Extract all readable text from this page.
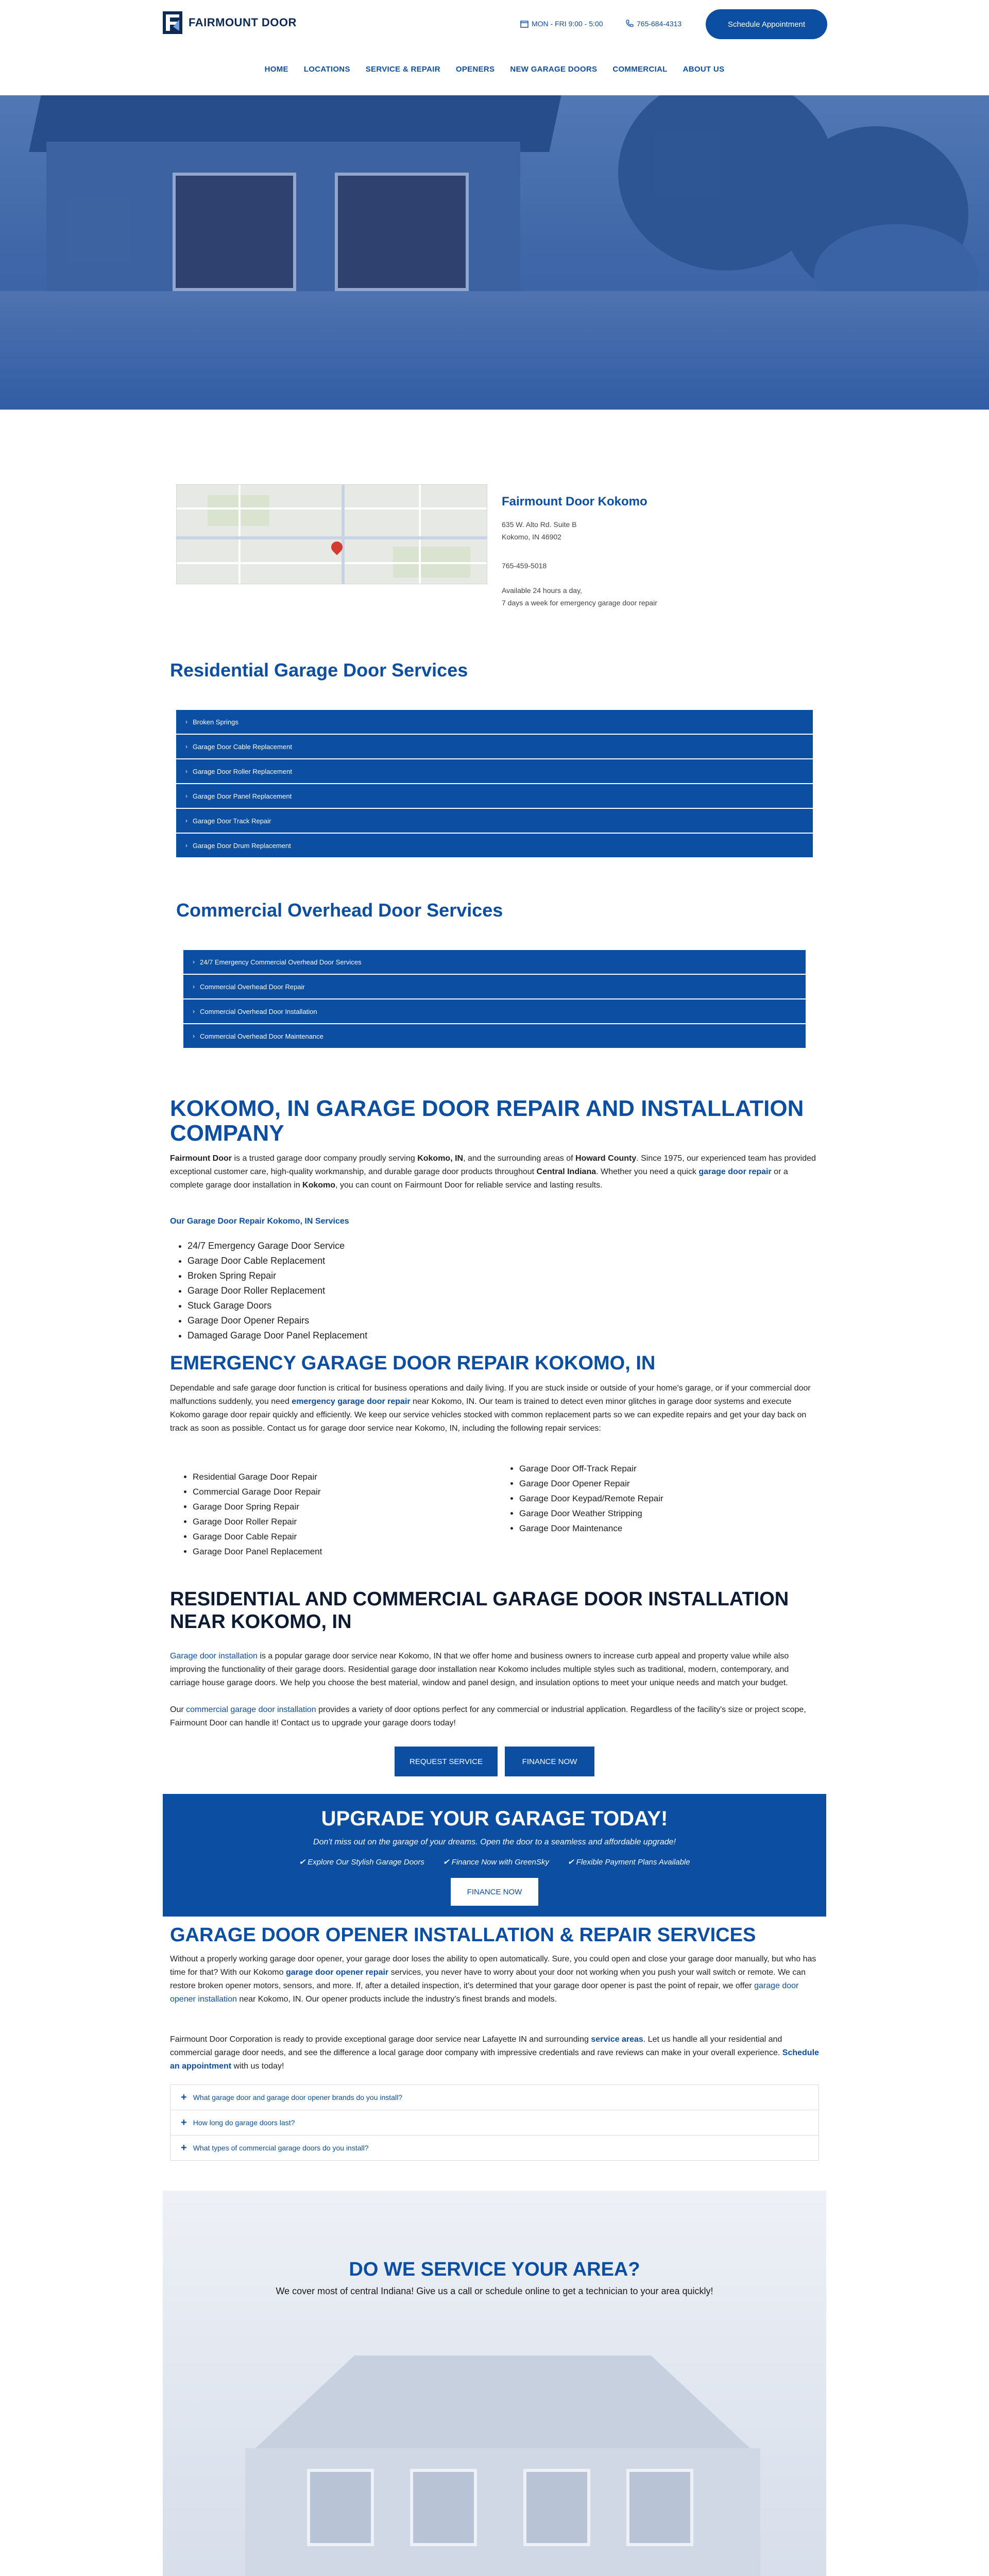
FAIRMOUNT DOOR	MON - FRI 9:00 - 5:00	765-684-4313	Schedule Appointment
HOME LOCATIONS SERVICE & REPAIR OPENERS NEW GARAGE DOORS COMMERCIAL ABOUT US
Fairmount Door Kokomo
635 W. Alto Rd. Suite B
Kokomo, IN 46902
765-459-5018
Available 24 hours a day,
7 days a week for emergency garage door repair
Residential Garage Door Services
› Broken Springs
› Garage Door Cable Replacement
› Garage Door Roller Replacement
› Garage Door Panel Replacement
› Garage Door Track Repair
› Garage Door Drum Replacement
Commercial Overhead Door Services
› 24/7 Emergency Commercial Overhead Door Services
› Commercial Overhead Door Repair
› Commercial Overhead Door Installation
› Commercial Overhead Door Maintenance
KOKOMO, IN GARAGE DOOR REPAIR AND INSTALLATION COMPANY
Fairmount Door is a trusted garage door company proudly serving Kokomo, IN, and the surrounding areas of Howard County. Since 1975, our experienced team has provided exceptional customer care, high-quality workmanship, and durable garage door products throughout Central Indiana. Whether you need a quick garage door repair or a complete garage door installation in Kokomo, you can count on Fairmount Door for reliable service and lasting results.
Our Garage Door Repair Kokomo, IN Services
• 24/7 Emergency Garage Door Service
• Garage Door Cable Replacement
• Broken Spring Repair
• Garage Door Roller Replacement
• Stuck Garage Doors
• Garage Door Opener Repairs
• Damaged Garage Door Panel Replacement
EMERGENCY GARAGE DOOR REPAIR KOKOMO, IN
Dependable and safe garage door function is critical for business operations and daily living. If you are stuck inside or outside of your home's garage, or if your commercial door malfunctions suddenly, you need emergency garage door repair near Kokomo, IN. Our team is trained to detect even minor glitches in garage door systems and execute Kokomo garage door repair quickly and efficiently. We keep our service vehicles stocked with common replacement parts so we can expedite repairs and get your day back on track as soon as possible. Contact us for garage door service near Kokomo, IN, including the following repair services:
• Residential Garage Door Repair
• Commercial Garage Door Repair
• Garage Door Spring Repair
• Garage Door Roller Repair
• Garage Door Cable Repair
• Garage Door Panel Replacement
• Garage Door Off-Track Repair
• Garage Door Opener Repair
• Garage Door Keypad/Remote Repair
• Garage Door Weather Stripping
• Garage Door Maintenance
RESIDENTIAL AND COMMERCIAL GARAGE DOOR INSTALLATION NEAR KOKOMO, IN
Garage door installation is a popular garage door service near Kokomo, IN that we offer home and business owners to increase curb appeal and property value while also improving the functionality of their garage doors. Residential garage door installation near Kokomo includes multiple styles such as traditional, modern, contemporary, and carriage house garage doors. We help you choose the best material, window and panel design, and insulation options to meet your unique needs and match your budget.
Our commercial garage door installation provides a variety of door options perfect for any commercial or industrial application. Regardless of the facility's size or project scope, Fairmount Door can handle it! Contact us to upgrade your garage doors today!
REQUEST SERVICE	FINANCE NOW
UPGRADE YOUR GARAGE TODAY!
Don't miss out on the garage of your dreams. Open the door to a seamless and affordable upgrade!
✔ Explore Our Stylish Garage Doors ✔ Finance Now with GreenSky ✔ Flexible Payment Plans Available
FINANCE NOW
GARAGE DOOR OPENER INSTALLATION & REPAIR SERVICES
Without a properly working garage door opener, your garage door loses the ability to open automatically. Sure, you could open and close your garage door manually, but who has time for that? With our Kokomo garage door opener repair services, you never have to worry about your door not working when you push your wall switch or remote. We can restore broken opener motors, sensors, and more. If, after a detailed inspection, it's determined that your garage door opener is past the point of repair, we offer garage door opener installation near Kokomo, IN. Our opener products include the industry's finest brands and models.
Fairmount Door Corporation is ready to provide exceptional garage door service near Lafayette IN and surrounding service areas. Let us handle all your residential and commercial garage door needs, and see the difference a local garage door company with impressive credentials and rave reviews can make in your overall experience. Schedule an appointment with us today!
+ What garage door and garage door opener brands do you install?
+ How long do garage doors last?
+ What types of commercial garage doors do you install?
DO WE SERVICE YOUR AREA?
We cover most of central Indiana! Give us a call or schedule online to get a technician to your area quickly!
